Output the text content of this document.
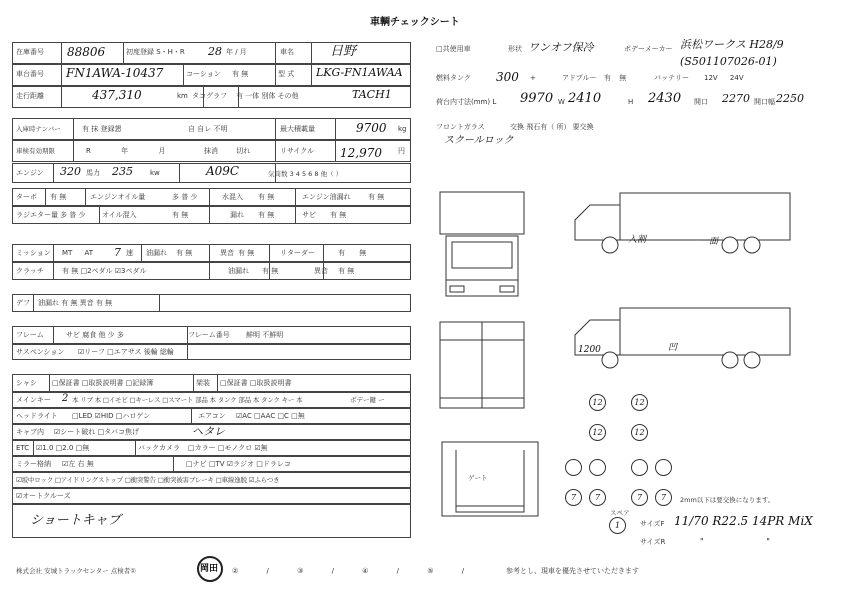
車輌チェックシート
在庫番号 88806	初度登録 S・H・R 28 年 / 月	車名	日野
車台番号 FN1AWA-10437	コーション 有 無	型 式 LKG-FN1AWAA
走行距離	437,310	km タコグラフ 有 一体 別体 その他	TACH1
入庫時ナンバー	有 抹 登録懇	自 自レ 不明	最大積載量	9700 kg
車検有効期限	R 年 月	抹消 切れ	リサイクル 12,970 円
エンジン 320 馬力 235 kw	A09C	気筒数 3 4 5 6 8 他（ ）
ターボ 有 無	エンジンオイル量	多 普 少	水混入 有 無	エンジン油漏れ 有 無
ラジエター量 多 普 少 オイル混入	有 無	漏れ 有 無	サビ 有 無
ミッション MT AT 7 速 油漏れ 有 無	異音 有 無	リターダー	有 無
クラッチ	有 無 □2ペダル ☑3ペダル	油漏れ 有 無	異音 有 無
デフ 油漏れ 有 無 異音 有 無
フレーム	サビ 腐食 他 少 多	フレーム番号 鮮明 不鮮明
サスペンション ☑リーフ □エアサス 後輪 総輪
シャシ □保証書 □取扱説明書 □記録簿	架装 □保証書 □取扱説明書
メインキー 2 本 リブ 本 □イモビ □キーレス □スマート 部品 本 タンク 部品 本 タンク キー 本	ボデー鍵 ー
ヘッドライト □LED ☑HID □ハロゲン	エアコン ☑AC □AAC □C □無
キャブ内 ☑シート破れ □タバコ焦げ	ヘタレ
ETC ☑1.0 □2.0 □無	バックカメラ □カラー □モノクロ ☑無
ミラー格納 ☑左 右 無	□ナビ □TV ☑ラジオ □ドラレコ
☑坂中ロック □アイドリングストップ □衝突警告 □衝突被害ブレーキ □車線逸脱 ☑ふらつき
☑オートクルーズ
ショートキャブ
株式会社 安城トラックセンター 点検者①	岡田 ② / ③ / ④ / ⑤ /
□共使用車	形状 ワンオフ保冷	ボデーメーカー 浜松ワークス H28/9
(S501107026-01)
燃料タンク 300 +	アドブルー 有 無	バッテリー 12V 24V
荷台内寸法(mm) L 9970 W 2410	H 2430 開口 2270 開口幅 2250
フロントガラス	交換 飛石有（ 所） 要交換
スクールロック
入割	一面
凹
1200
12	12
12	12
7	7	7	7
スペア
1
ゲート
2mm以下は要交換になります。
サイズF 11/70 R22.5 14PR MiX
サイズR	" "
参考とし、現車を優先させていただきます
